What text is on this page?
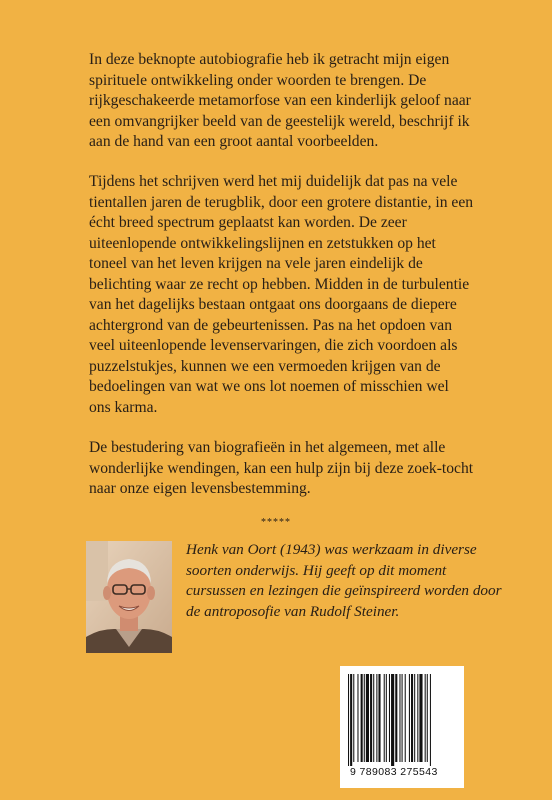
In deze beknopte autobiografie heb ik getracht mijn eigen spirituele ontwikkeling onder woorden te brengen. De rijkgeschakeerde metamorfose van een kinderlijk geloof naar een omvangrijker beeld van de geestelijk wereld, beschrijf ik aan de hand van een groot aantal voorbeelden.

Tijdens het schrijven werd het mij duidelijk dat pas na vele tientallen jaren de terugblik, door een grotere distantie, in een écht breed spectrum geplaatst kan worden. De zeer uiteenlopende ontwikkelingslijnen en zetstukken op het toneel van het leven krijgen na vele jaren eindelijk de belichting waar ze recht op hebben. Midden in de turbulentie van het dagelijks bestaan ontgaat ons doorgaans de diepere achtergrond van de gebeurtenissen. Pas na het opdoen van veel uiteenlopende levenservaringen, die zich voordoen als puzzelstukjes, kunnen we een vermoeden krijgen van de bedoelingen van wat we ons lot noemen of misschien wel ons karma.

De bestudering van biografieën in het algemeen, met alle wonderlijke wendingen, kan een hulp zijn bij deze zoek-tocht naar onze eigen levensbestemming.

*****

Henk van Oort (1943) was werkzaam in diverse soorten onderwijs. Hij geeft op dit moment cursussen en lezingen die geïnspireerd worden door de antroposofie van Rudolf Steiner.

9 789083 275543
